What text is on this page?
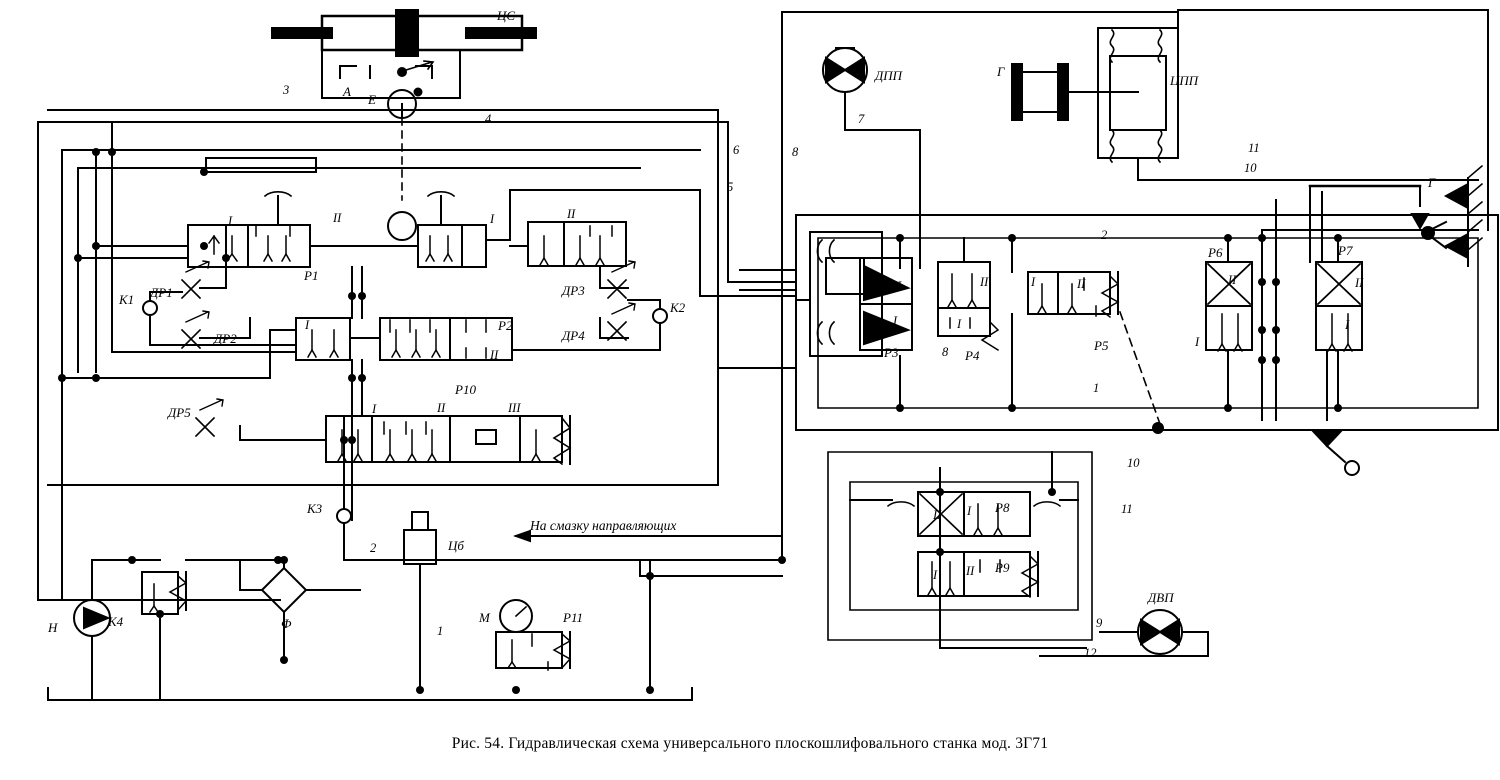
ЦС
E
A
ДПП	Г
ЦПП
Г
P1
P2
P3	P4
P5
P6	P7
P8
P9
P10
P11
ДР1
ДР2
ДР3
ДР4
ДР5
K1
K2
K3
K4
H	Ф
Цб
M
ДВП
3
4
5
6
7
8
8
2
1
10
11
10
11
9
12
2
1
I	II	I	II
I
II
I	II	III
II
I
II
I
II
I	II
I
II
I
II I
I II
На смазку направляющих
Рис. 54. Гидравлическая схема универсального плоскошлифовального станка мод. 3Г71
